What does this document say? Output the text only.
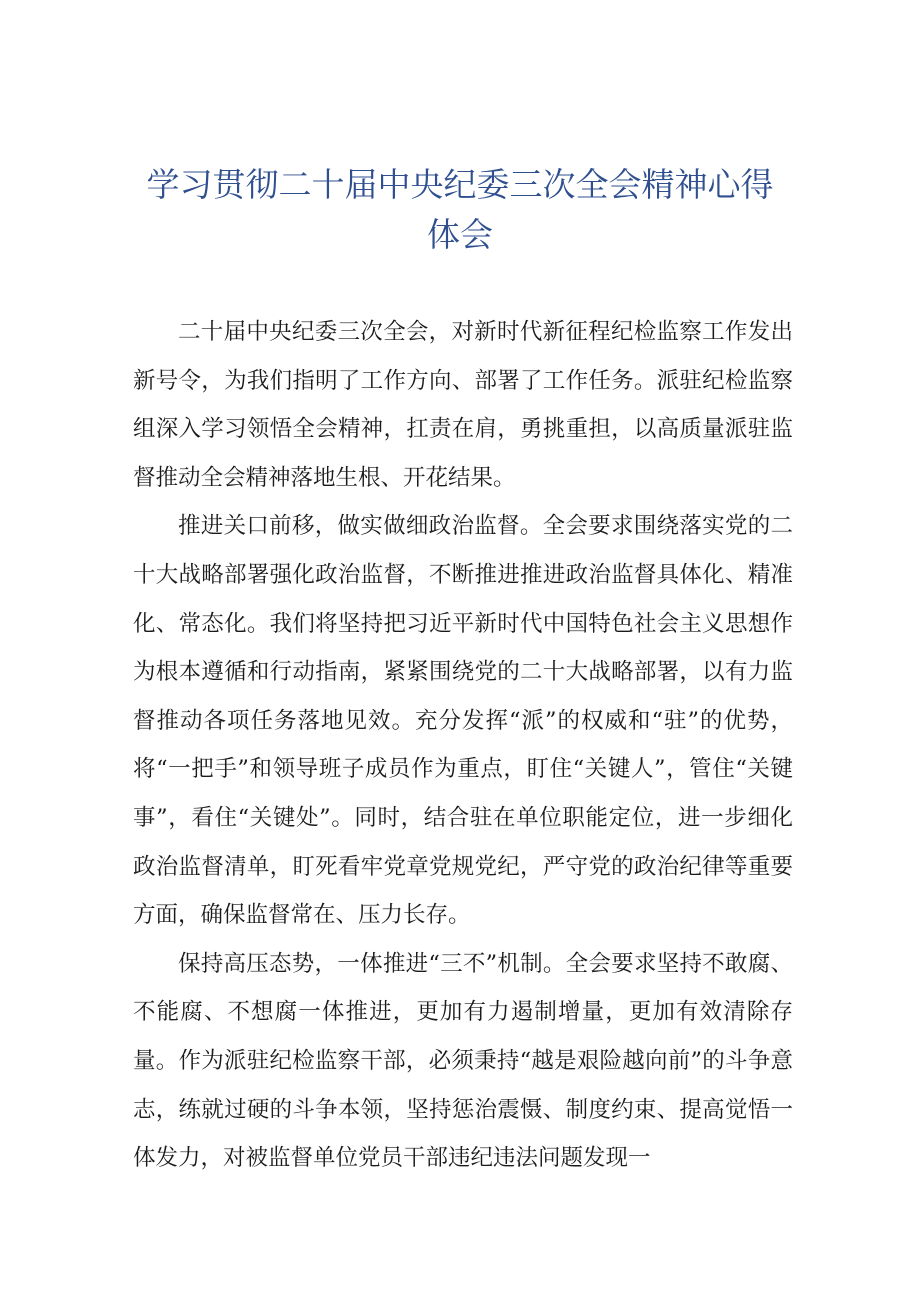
学习贯彻二十届中央纪委三次全会精神心得体会

二十届中央纪委三次全会，对新时代新征程纪检监察工作发出新号令，为我们指明了工作方向、部署了工作任务。派驻纪检监察组深入学习领悟全会精神，扛责在肩，勇挑重担，以高质量派驻监督推动全会精神落地生根、开花结果。

推进关口前移，做实做细政治监督。全会要求围绕落实党的二十大战略部署强化政治监督，不断推进推进政治监督具体化、精准化、常态化。我们将坚持把习近平新时代中国特色社会主义思想作为根本遵循和行动指南，紧紧围绕党的二十大战略部署，以有力监督推动各项任务落地见效。充分发挥“派”的权威和“驻”的优势，将“一把手”和领导班子成员作为重点，盯住“关键人”，管住“关键事”，看住“关键处”。同时，结合驻在单位职能定位，进一步细化政治监督清单，盯死看牢党章党规党纪，严守党的政治纪律等重要方面，确保监督常在、压力长存。

保持高压态势，一体推进“三不”机制。全会要求坚持不敢腐、不能腐、不想腐一体推进，更加有力遏制增量，更加有效清除存量。作为派驻纪检监察干部，必须秉持“越是艰险越向前”的斗争意志，练就过硬的斗争本领，坚持惩治震慑、制度约束、提高觉悟一体发力，对被监督单位党员干部违纪违法问题发现一
